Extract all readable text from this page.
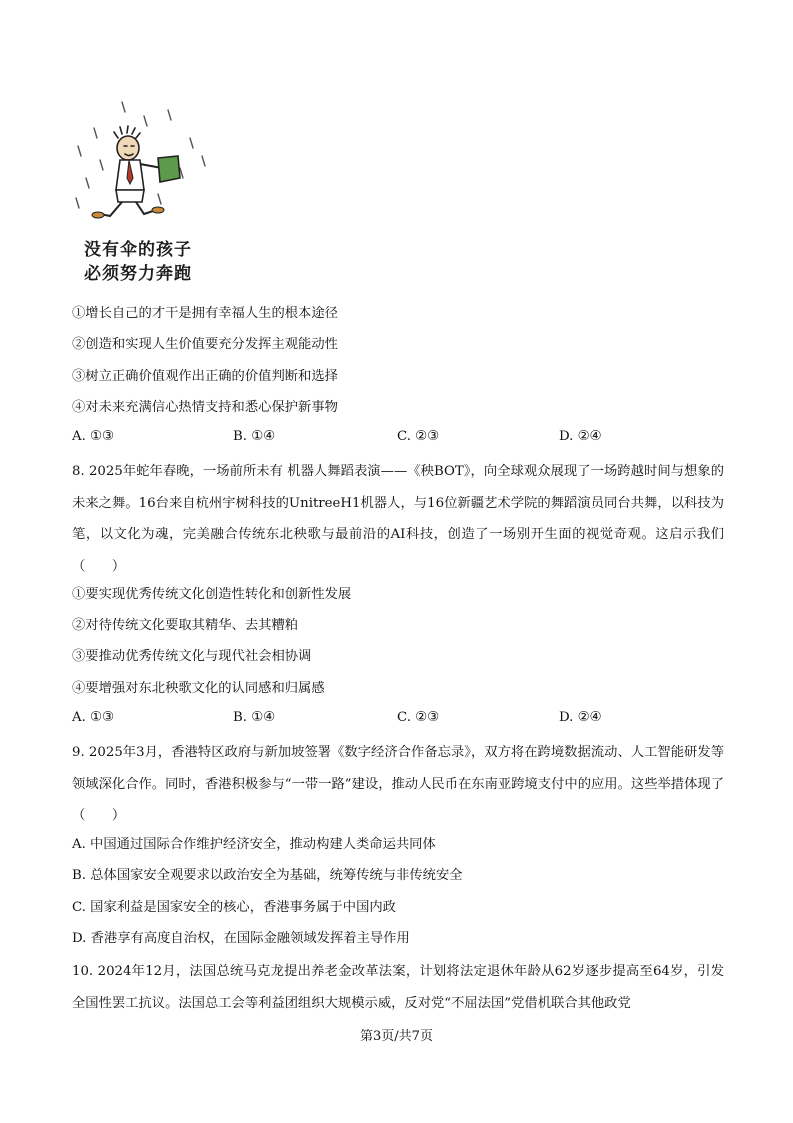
没有伞的孩子
必须努力奔跑
①增长自己的才干是拥有幸福人生的根本途径
②创造和实现人生价值要充分发挥主观能动性
③树立正确价值观作出正确的价值判断和选择
④对未来充满信心热情支持和悉心保护新事物
A. ①③	B. ①④	C. ②③	D. ②④
8. 2025年蛇年春晚，一场前所未有 机器人舞蹈表演——《秧BOT》，向全球观众展现了一场跨越时间与想象的未来之舞。16台来自杭州宇树科技的UnitreeH1机器人，与16位新疆艺术学院的舞蹈演员同台共舞，以科技为笔，以文化为魂，完美融合传统东北秧歌与最前沿的AI科技，创造了一场别开生面的视觉奇观。这启示我们（　　）
①要实现优秀传统文化创造性转化和创新性发展
②对待传统文化要取其精华、去其糟粕
③要推动优秀传统文化与现代社会相协调
④要增强对东北秧歌文化的认同感和归属感
A. ①③	B. ①④	C. ②③	D. ②④
9. 2025年3月，香港特区政府与新加坡签署《数字经济合作备忘录》，双方将在跨境数据流动、人工智能研发等领域深化合作。同时，香港积极参与“一带一路”建设，推动人民币在东南亚跨境支付中的应用。这些举措体现了（　　）
A. 中国通过国际合作维护经济安全，推动构建人类命运共同体
B. 总体国家安全观要求以政治安全为基础，统筹传统与非传统安全
C. 国家利益是国家安全的核心，香港事务属于中国内政
D. 香港享有高度自治权，在国际金融领域发挥着主导作用
10. 2024年12月，法国总统马克龙提出养老金改革法案，计划将法定退休年龄从62岁逐步提高至64岁，引发全国性罢工抗议。法国总工会等利益团组织大规模示威，反对党“不屈法国”党借机联合其他政党
第3页/共7页
